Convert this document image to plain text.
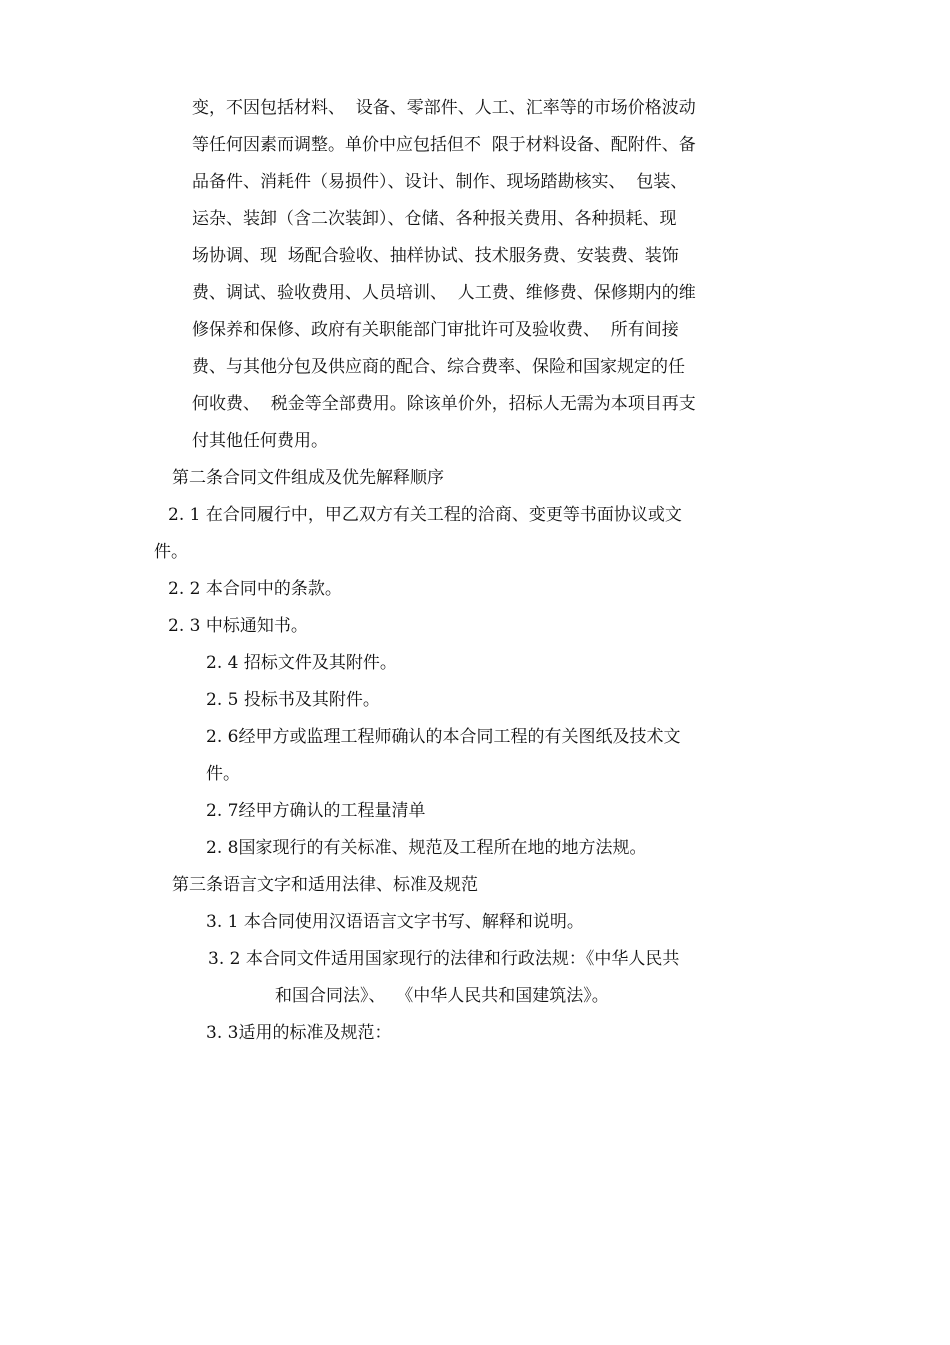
变，不因包括材料、  设备、零部件、人工、汇率等的市场价格波动

等任何因素而调整。单价中应包括但不  限于材料设备、配附件、备

品备件、消耗件（易损件）、设计、制作、现场踏勘核实、  包装、

运杂、装卸（含二次装卸）、仓储、各种报关费用、各种损耗、现

场协调、现  场配合验收、抽样协试、技术服务费、安装费、装饰

费、调试、验收费用、人员培训、  人工费、维修费、保修期内的维

修保养和保修、政府有关职能部门审批许可及验收费、  所有间接

费、与其他分包及供应商的配合、综合费率、保险和国家规定的任

何收费、  税金等全部费用。除该单价外，招标人无需为本项目再支

付其他任何费用。

第二条合同文件组成及优先解释顺序

2. 1 在合同履行中，甲乙双方有关工程的洽商、变更等书面协议或文

件。

2. 2 本合同中的条款。

2. 3 中标通知书。

2. 4 招标文件及其附件。

2. 5 投标书及其附件。

2. 6经甲方或监理工程师确认的本合同工程的有关图纸及技术文

件。

2. 7经甲方确认的工程量清单

2. 8国家现行的有关标准、规范及工程所在地的地方法规。

第三条语言文字和适用法律、标准及规范

3. 1 本合同使用汉语语言文字书写、解释和说明。

3. 2 本合同文件适用国家现行的法律和行政法规：《中华人民共

和国合同法》、  《中华人民共和国建筑法》。

3. 3适用的标准及规范：
